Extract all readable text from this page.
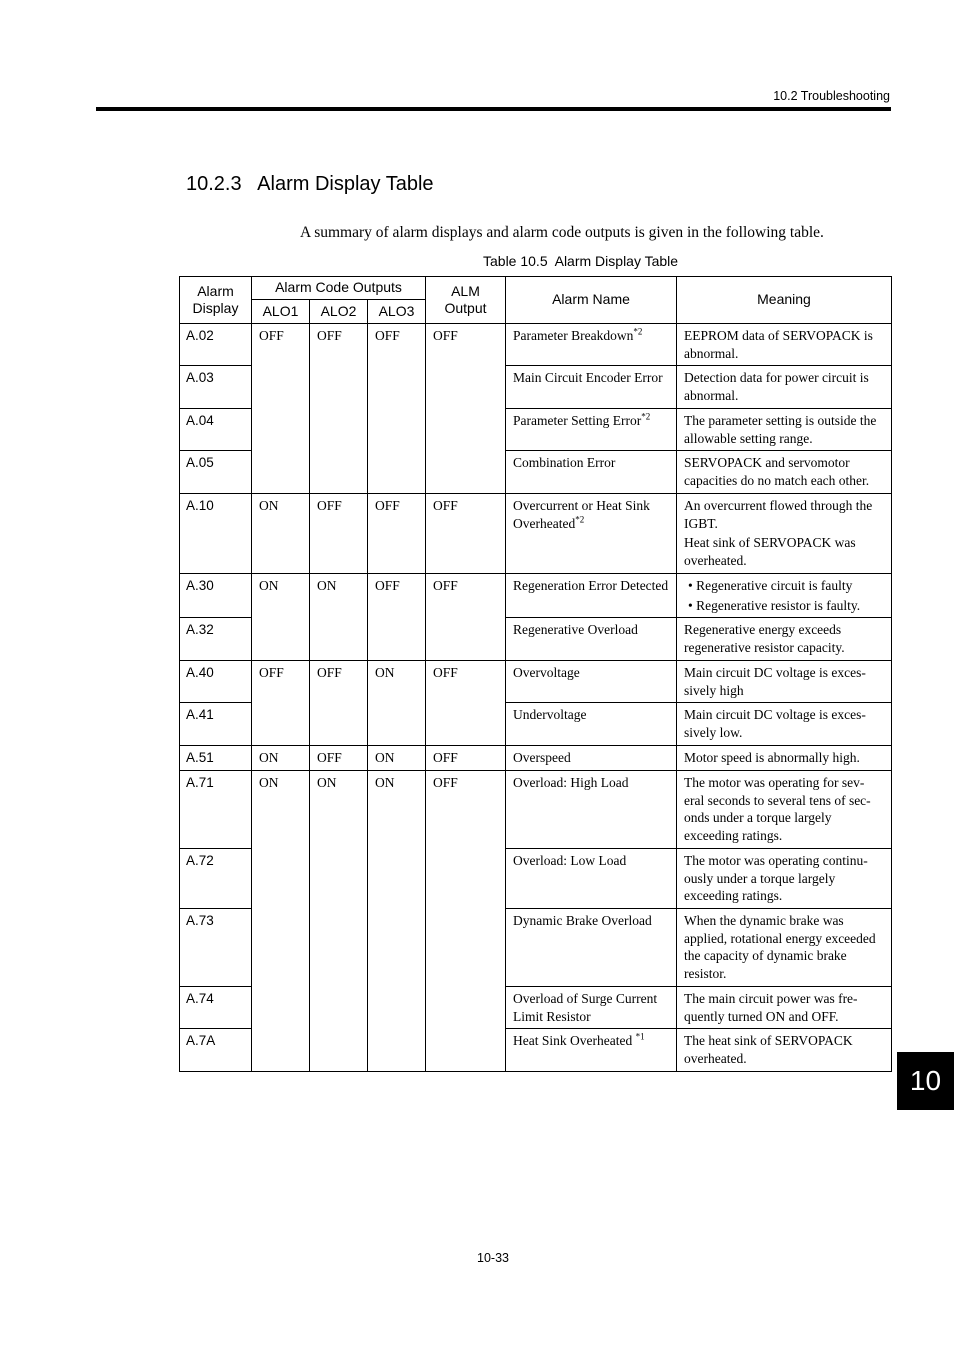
10.2 Troubleshooting
10.2.3   Alarm Display Table
A summary of alarm displays and alarm code outputs is given in the following table.
Table 10.5  Alarm Display Table
Alarm Display	Alarm Code Outputs			ALM Output	Alarm Name	Meaning
	ALO1	ALO2	ALO3			
A.02	OFF	OFF	OFF	OFF	Parameter Breakdown$^{*2}$	EEPROM data of SERVOPACK is abnormal.
A.03					Main Circuit Encoder Error	Detection data for power circuit is abnormal.
A.04					Parameter Setting Error$^{*2}$	The parameter setting is outside the allowable setting range.
A.05					Combination Error	SERVOPACK and servomotor capacities do no match each other.
A.10	ON	OFF	OFF	OFF	Overcurrent or Heat Sink Overheated$^{*2}$	An overcurrent flowed through the IGBT.
Heat sink of SERVOPACK was overheated.

A.30	ON	ON	OFF	OFF	Regeneration Error Detected	• Regenerative circuit is faulty
• Regenerative resistor is faulty.

A.32					Regenerative Overload	Regenerative energy exceeds regenerative resistor capacity.
A.40	OFF	OFF	ON	OFF	Overvoltage	Main circuit DC voltage is exces-sively high
A.41					Undervoltage	Main circuit DC voltage is exces-sively low.
A.51	ON	OFF	ON	OFF	Overspeed	Motor speed is abnormally high.
A.71	ON	ON	ON	OFF	Overload: High Load	The motor was operating for sev-eral seconds to several tens of sec-onds under a torque largely exceeding ratings.
A.72					Overload: Low Load	The motor was operating continu-ously under a torque largely exceeding ratings.
A.73					Dynamic Brake Overload	When the dynamic brake was applied, rotational energy exceeded the capacity of dynamic brake resistor.
A.74					Overload of Surge Current Limit Resistor	The main circuit power was fre-quently turned ON and OFF.
A.7A					Heat Sink Overheated $^{*1}$	The heat sink of SERVOPACK overheated.
10
10-33
